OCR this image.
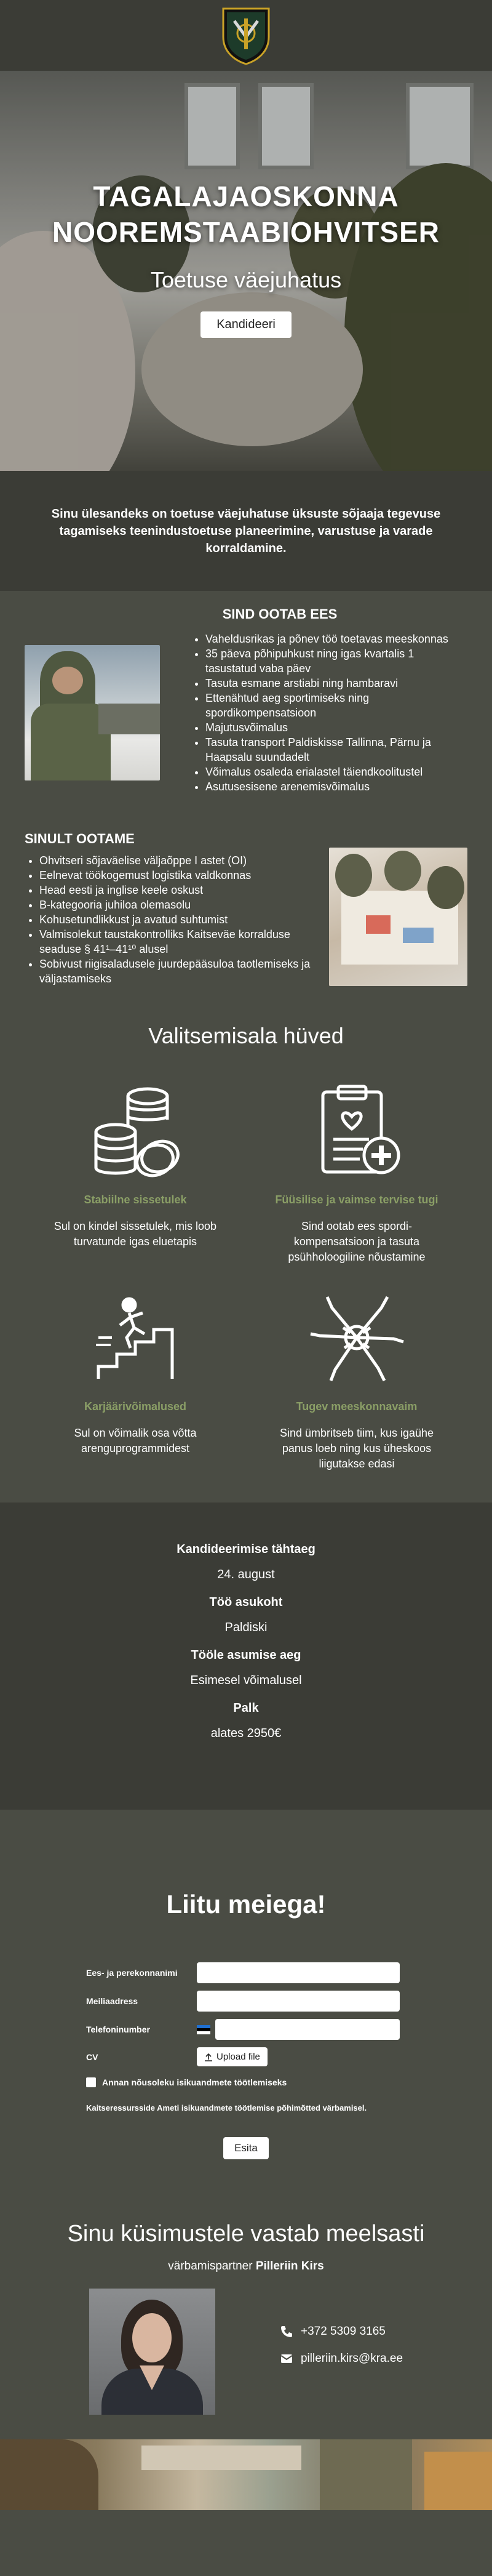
TAGALAJAOSKONNA
NOOREMSTAABIOHVITSER
Toetuse väejuhatus
Kandideeri

Sinu ülesandeks on toetuse väejuhatuse üksuste sõjaaja tegevuse tagamiseks teenindustoetuse planeerimine, varustuse ja varade korraldamine.

SIND OOTAB EES
• Vaheldusrikas ja põnev töö toetavas meeskonnas
• 35 päeva põhipuhkust ning igas kvartalis 1 tasustatud vaba päev
• Tasuta esmane arstiabi ning hambaravi
• Ettenähtud aeg sportimiseks ning spordikompensatsioon
• Majutusvõimalus
• Tasuta transport Paldiskisse Tallinna, Pärnu ja Haapsalu suundadelt
• Võimalus osaleda erialastel täiendkoolitustel
• Asutusesisene arenemisvõimalus
SINULT OOTAME
• Ohvitseri sõjaväelise väljaõppe I astet (OI)
• Eelnevat töökogemust logistika valdkonnas
• Head eesti ja inglise keele oskust
• B-kategooria juhiloa olemasolu
• Kohusetundlikkust ja avatud suhtumist
• Valmisolekut taustakontrolliks Kaitseväe korralduse seaduse § 41¹–41¹⁰ alusel
• Sobivust riigisaladusele juurdepääsuloa taotlemiseks ja väljastamiseks
Valitsemisala hüved
Stabiilne sissetulek
Sul on kindel sissetulek, mis loob turvatunde igas eluetapis
Füüsilise ja vaimse tervise tugi
Sind ootab ees spordi- kompensatsioon ja tasuta psühholoogiline nõustamine
Karjäärivõimalused
Sul on võimalik osa võtta arenguprogrammidest
Tugev meeskonnavaim
Sind ümbritseb tiim, kus igaühe panus loeb ning kus üheskoos liigutakse edasi
Kandideerimise tähtaeg
24. august
Töö asukoht
Paldiski
Tööle asumise aeg
Esimesel võimalusel
Palk
alates 2950€
Liitu meiega!
Ees- ja perekonnanimi
Meiliaadress
Telefoninumber
CV	Upload file
Annan nõusoleku isikuandmete töötlemiseks
Kaitseressursside Ameti isikuandmete töötlemise põhimõtted värbamisel.
Esita
Sinu küsimustele vastab meelsasti
värbamispartner Pilleriin Kirs
+372 5309 3165
pilleriin.kirs@kra.ee
